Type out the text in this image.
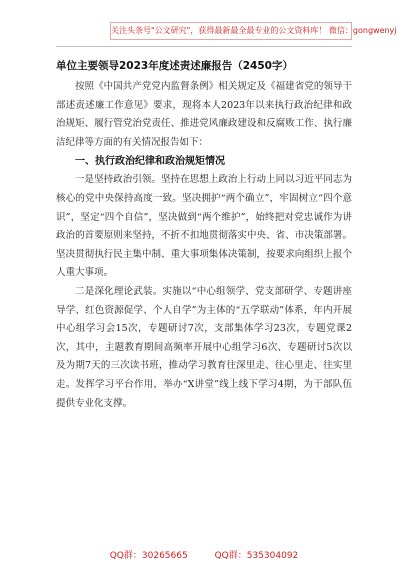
关注头条号"公文研究"，获得最新最全最专业的公文资料库！ 微信：gongwenyj

单位主要领导2023年度述责述廉报告（2450字）

按照《中国共产党党内监督条例》相关规定及《福建省党的领导干部述责述廉工作意见》要求，现将本人2023年以来执行政治纪律和政治规矩、履行管党治党责任、推进党风廉政建设和反腐败工作、执行廉洁纪律等方面的有关情况报告如下：

一、执行政治纪律和政治规矩情况

一是坚持政治引领。坚持在思想上政治上行动上同以习近平同志为核心的党中央保持高度一致。坚决拥护“两个确立”，牢固树立“四个意识”，坚定“四个自信”，坚决做到“两个维护”，始终把对党忠诚作为讲政治的首要原则来坚持，不折不扣地贯彻落实中央、省、市决策部署。坚决贯彻执行民主集中制、重大事项集体决策制，按要求向组织上报个人重大事项。

二是深化理论武装。实施以“中心组领学、党支部研学、专题讲座导学、红色资源促学、个人自学”为主体的“五学联动”体系，年内开展中心组学习会15次，专题研讨7次，支部集体学习23次，专题党课2次，其中，主题教育期间高频率开展中心组学习6次、专题研讨5次以及为期7天的三次读书班，推动学习教育往深里走、往心里走、往实里走。发挥学习平台作用，举办“X讲堂”线上线下学习4期，为干部队伍提供专业化支撑。

QQ群：30265665	QQ群：535304092
